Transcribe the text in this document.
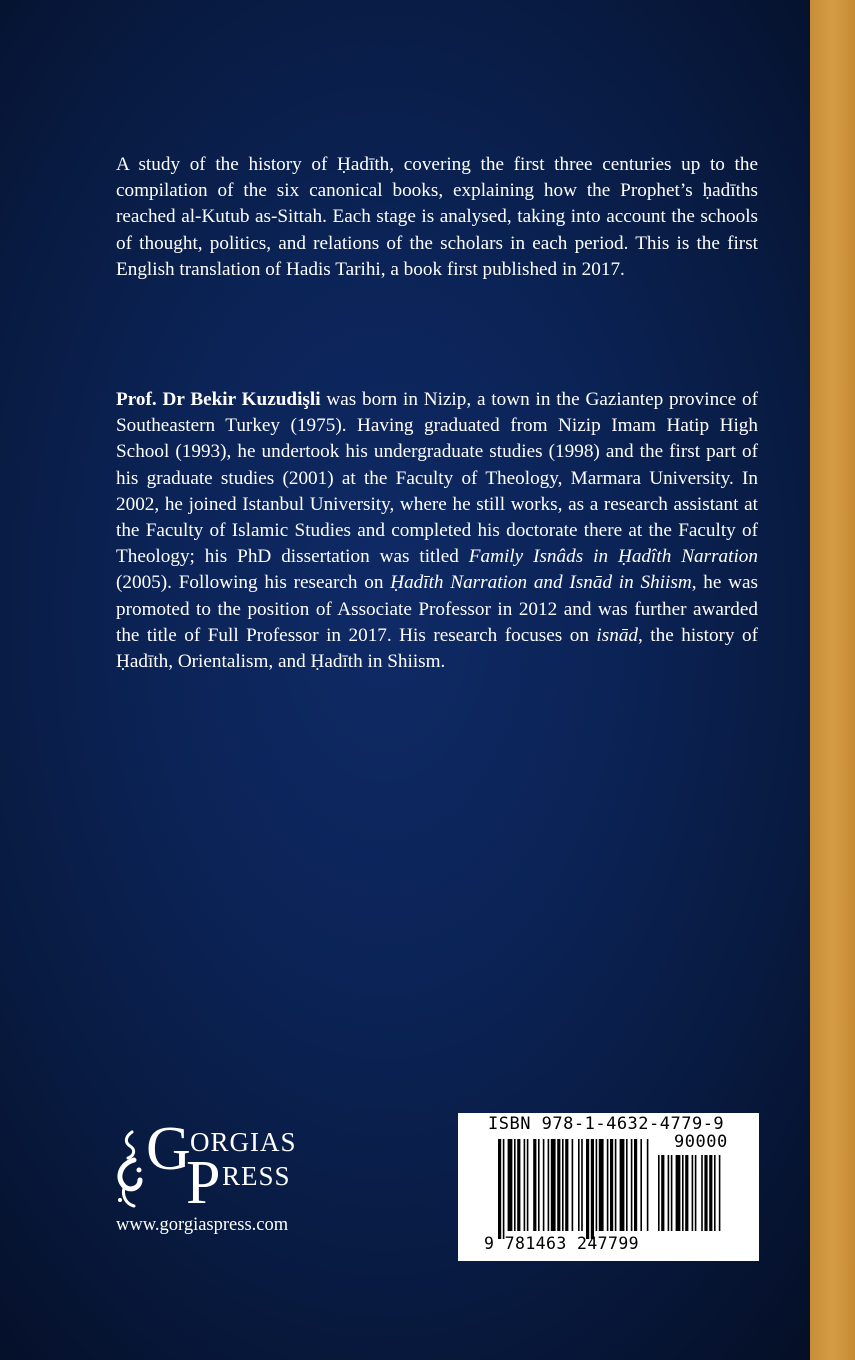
A study of the history of Ḥadīth, covering the first three centuries up to the compilation of the six canonical books, explaining how the Prophet’s ḥadīths reached al-Kutub as-Sittah. Each stage is analysed, taking into account the schools of thought, politics, and relations of the scholars in each period. This is the first English translation of Hadis Tarihi, a book first published in 2017.

Prof. Dr Bekir Kuzudişli was born in Nizip, a town in the Gaziantep province of Southeastern Turkey (1975). Having graduated from Nizip Imam Hatip High School (1993), he undertook his undergraduate studies (1998) and the first part of his graduate studies (2001) at the Faculty of Theology, Marmara University. In 2002, he joined Istanbul University, where he still works, as a research assistant at the Faculty of Islamic Studies and completed his doctorate there at the Faculty of Theology; his PhD dissertation was titled Family Isnâds in Ḥadîth Narration (2005). Following his research on Ḥadīth Narration and Isnād in Shiism, he was promoted to the position of Associate Professor in 2012 and was further awarded the title of Full Professor in 2017. His research focuses on isnād, the history of Ḥadīth, Orientalism, and Ḥadīth in Shiism.

G ORGIAS
P RESS
www.gorgiaspress.com
ISBN 978-1-4632-4779-9
90000
9 781463 247799
